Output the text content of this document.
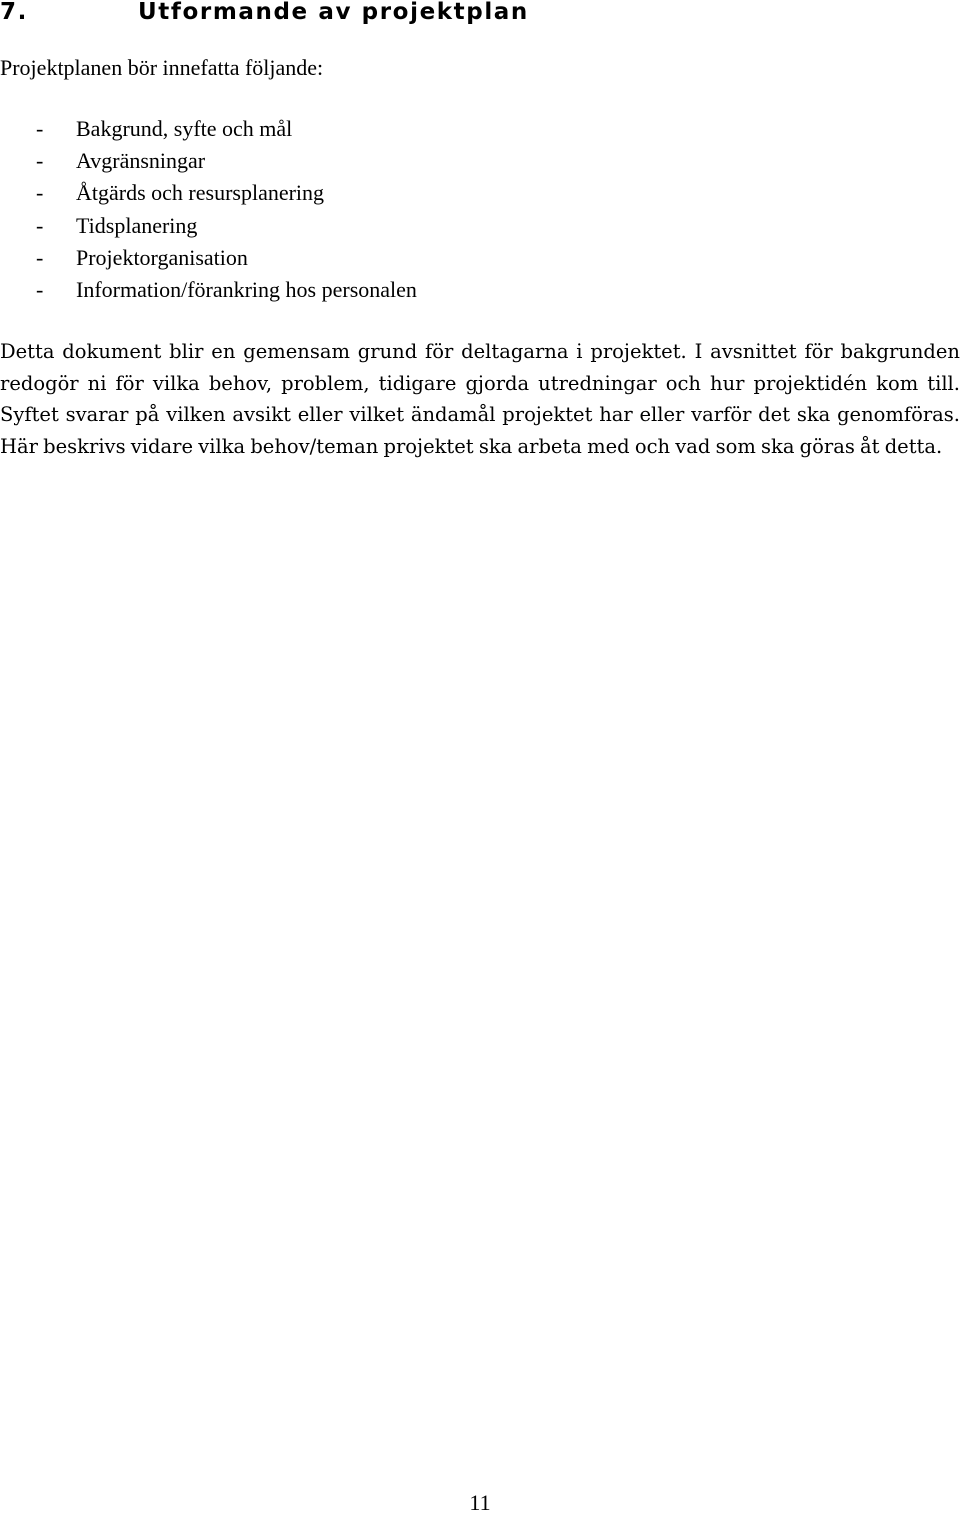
7.	Utformande av projektplan

Projektplanen bör innefatta följande:

- Bakgrund, syfte och mål
- Avgränsningar
- Åtgärds och resursplanering
- Tidsplanering
- Projektorganisation
- Information/förankring hos personalen

Detta dokument blir en gemensam grund för deltagarna i projektet. I avsnittet för bakgrunden redogör ni för vilka behov, problem, tidigare gjorda utredningar och hur projektidén kom till. Syftet svarar på vilken avsikt eller vilket ändamål projektet har eller varför det ska genomföras. Här beskrivs vidare vilka behov/teman projektet ska arbeta med och vad som ska göras åt detta.

11
